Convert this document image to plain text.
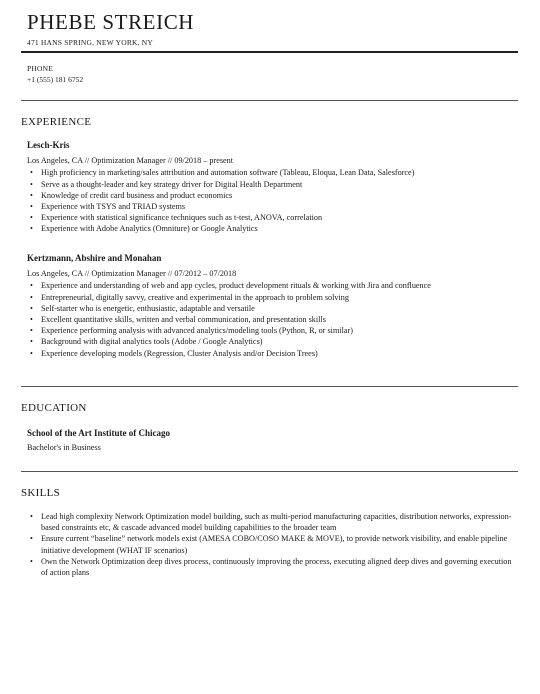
PHEBE STREICH
471 HANS SPRING, NEW YORK, NY
PHONE
+1 (555) 181 6752
EXPERIENCE
Lesch-Kris
Los Angeles, CA // Optimization Manager // 09/2018 – present
• High proficiency in marketing/sales attribution and automation software (Tableau, Eloqua, Lean Data, Salesforce)
• Serve as a thought-leader and key strategy driver for Digital Health Department
• Knowledge of credit card business and product economics
• Experience with TSYS and TRIAD systems
• Experience with statistical significance techniques such as t-test, ANOVA, correlation
• Experience with Adobe Analytics (Omniture) or Google Analytics
Kertzmann, Abshire and Monahan
Los Angeles, CA // Optimization Manager // 07/2012 – 07/2018
• Experience and understanding of web and app cycles, product development rituals & working with Jira and confluence
• Entrepreneurial, digitally savvy, creative and experimental in the approach to problem solving
• Self-starter who is energetic, enthusiastic, adaptable and versatile
• Excellent quantitative skills, written and verbal communication, and presentation skills
• Experience performing analysis with advanced analytics/modeling tools (Python, R, or similar)
• Background with digital analytics tools (Adobe / Google Analytics)
• Experience developing models (Regression, Cluster Analysis and/or Decision Trees)
EDUCATION
School of the Art Institute of Chicago
Bachelor's in Business
SKILLS
• Lead high complexity Network Optimization model building, such as multi-period manufacturing capacities, distribution networks, expression-based constraints etc, & cascade advanced model building capabilities to the broader team
• Ensure current “baseline” network models exist (AMESA COBO/COSO MAKE & MOVE), to provide network visibility, and enable pipeline initiative development (WHAT IF scenarios)
• Own the Network Optimization deep dives process, continuously improving the process, executing aligned deep dives and governing execution of action plans
